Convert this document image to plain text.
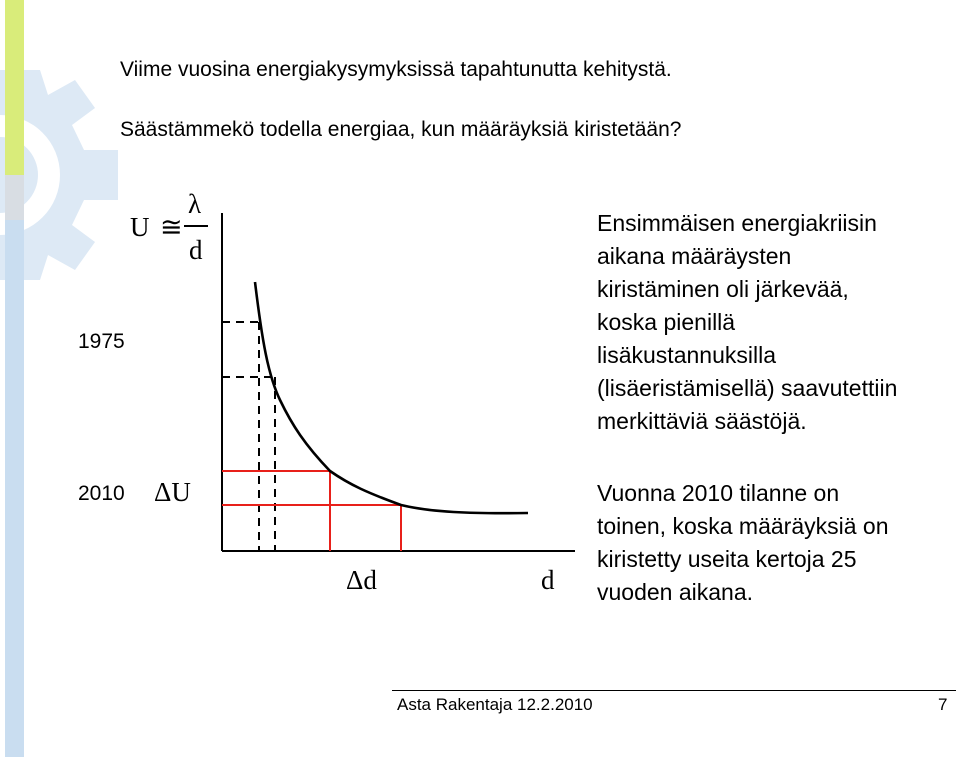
Viime vuosina energiakysymyksissä tapahtunutta kehitystä.
Säästämmekö todella energiaa, kun määräyksiä kiristetään?
U ≅
λ
d
1975
2010 ΔU
Δd	d
Ensimmäisen energiakriisin
aikana määräysten
kiristäminen oli järkevää,
koska pienillä
lisäkustannuksilla
(lisäeristämisellä) saavutettiin
merkittäviä säästöjä.
Vuonna 2010 tilanne on
toinen, koska määräyksiä on
kiristetty useita kertoja 25
vuoden aikana.
Asta Rakentaja 12.2.2010	7
